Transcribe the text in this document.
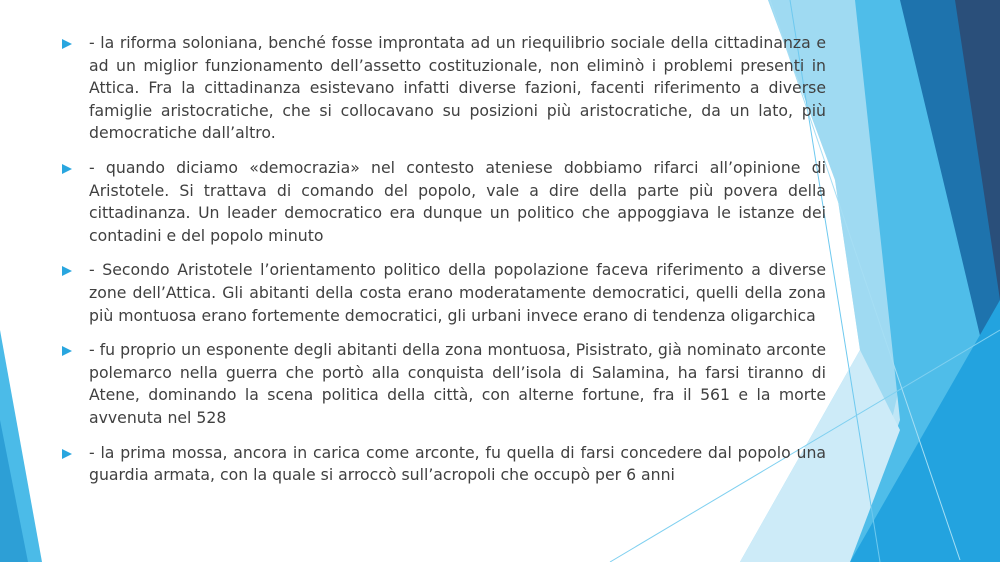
- la riforma soloniana, benché fosse improntata ad un riequilibrio sociale della cittadinanza e ad un miglior funzionamento dell’assetto costituzionale, non eliminò i problemi presenti in Attica. Fra la cittadinanza esistevano infatti diverse fazioni, facenti riferimento a diverse famiglie aristocratiche, che si collocavano su posizioni più aristocratiche, da un lato, più democratiche dall’altro.
- quando diciamo «democrazia» nel contesto ateniese dobbiamo rifarci all’opinione di Aristotele. Si trattava di comando del popolo, vale a dire della parte più povera della cittadinanza. Un leader democratico era dunque un politico che appoggiava le istanze dei contadini e del popolo minuto
- Secondo Aristotele l’orientamento politico della popolazione faceva riferimento a diverse zone dell’Attica. Gli abitanti della costa erano moderatamente democratici, quelli della zona più montuosa erano fortemente democratici, gli urbani invece erano di tendenza oligarchica
- fu proprio un esponente degli abitanti della zona montuosa, Pisistrato, già nominato arconte polemarco nella guerra che portò alla conquista dell’isola di Salamina, ha farsi tiranno di Atene, dominando la scena politica della città, con alterne fortune, fra il 561 e la morte avvenuta nel 528
- la prima mossa, ancora in carica come arconte, fu quella di farsi concedere dal popolo una guardia armata, con la quale si arroccò sull’acropoli che occupò per 6 anni
